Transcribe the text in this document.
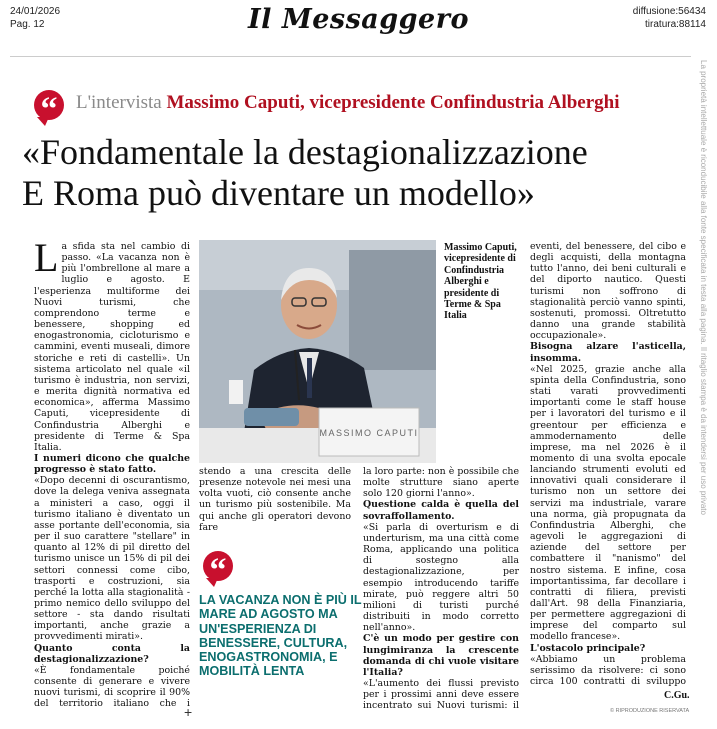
24/01/2026
Pag. 12	Il Messaggero	diffusione:56434
tiratura:88114
La proprietà intellettuale è riconducibile alla fonte specificata in testa alla pagina. Il ritaglio stampa è da intendersi per uso privato
“ L'intervista Massimo Caputi, vicepresidente Confindustria Alberghi
«Fondamentale la destagionalizzazione
E Roma può diventare un modello»

La sfida sta nel cambio di passo. «La vacanza non è più l'ombrellone al mare a luglio e agosto. E l'esperienza multiforme dei Nuovi turismi, che comprendono terme e benessere, shopping ed enogastronomia, cicloturismo e cammini, eventi museali, dimore storiche e reti di castelli». Un sistema articolato nel quale «il turismo è industria, non servizi, e merita dignità normativa ed economica», afferma Massimo Caputi, vicepresidente di Confindustria Alberghi e presidente di Terme & Spa Italia.

I numeri dicono che qualche progresso è stato fatto.

«Dopo decenni di oscurantismo, dove la delega veniva assegnata a ministeri a caso, oggi il turismo italiano è diventato un asse portante dell'economia, sia per il suo carattere "stellare" in quanto al 12% di pil diretto del turismo unisce un 15% di pil dei settori connessi come cibo, trasporti e costruzioni, sia perché la lotta alla stagionalità - primo nemico dello sviluppo del settore - sta dando risultati importanti, anche grazie a provvedimenti mirati».

Quanto conta la destagionalizzazione?

«È fondamentale poiché consente di generare e vivere nuovi turismi, di scoprire il 90% del territorio italiano che i

MASSIMO CAPUTI
Massimo Caputi, vicepresidente di Confindustria Alberghi e presidente di Terme & Spa Italia

stendo a una crescita delle presenze notevole nei mesi una volta vuoti, ciò consente anche un turismo più sostenibile. Ma qui anche gli operatori devono fare

“
LA VACANZA NON È PIÙ IL MARE AD AGOSTO MA UN'ESPERIENZA DI BENESSERE, CULTURA, ENOGASTRONOMIA, E MOBILITÀ LENTA

la loro parte: non è possibile che molte strutture siano aperte solo 120 giorni l'anno».

Questione calda è quella del sovraffollamento.

«Si parla di overturism e di underturism, ma una città come Roma, applicando una politica di sostegno alla destagionalizzazione, per esempio introducendo tariffe mirate, può reggere altri 50 milioni di turisti purché distribuiti in modo corretto nell'anno».

C'è un modo per gestire con lungimiranza la crescente domanda di chi vuole visitare l'Italia?

«L'aumento dei flussi previsto per i prossimi anni deve essere incentrato sui Nuovi turismi: il

eventi, del benessere, del cibo e degli acquisti, della montagna tutto l'anno, dei beni culturali e del diporto nautico. Questi turismi non soffrono di stagionalità perciò vanno spinti, sostenuti, promossi. Oltretutto danno una grande stabilità occupazionale».

Bisogna alzare l'asticella, insomma.

«Nel 2025, grazie anche alla spinta della Confindustria, sono stati varati provvedimenti importanti come le staff house per i lavoratori del turismo e il greentour per efficienza e ammodernamento delle imprese, ma nel 2026 è il momento di una svolta epocale lanciando strumenti evoluti ed innovativi quali considerare il turismo non un settore dei servizi ma industriale, varare una norma, già propugnata da Confindustria Alberghi, che agevoli le aggregazioni di aziende del settore per combattere il "nanismo" del nostro sistema. E infine, cosa importantissima, far decollare i contratti di filiera, previsti dall'Art. 98 della Finanziaria, per permettere aggregazioni di imprese del comparto sul modello francese».

L'ostacolo principale?

«Abbiamo un problema serissimo da risolvere: ci sono circa 100 contratti di sviluppo

C.Gu.
© RIPRODUZIONE RISERVATA
+
